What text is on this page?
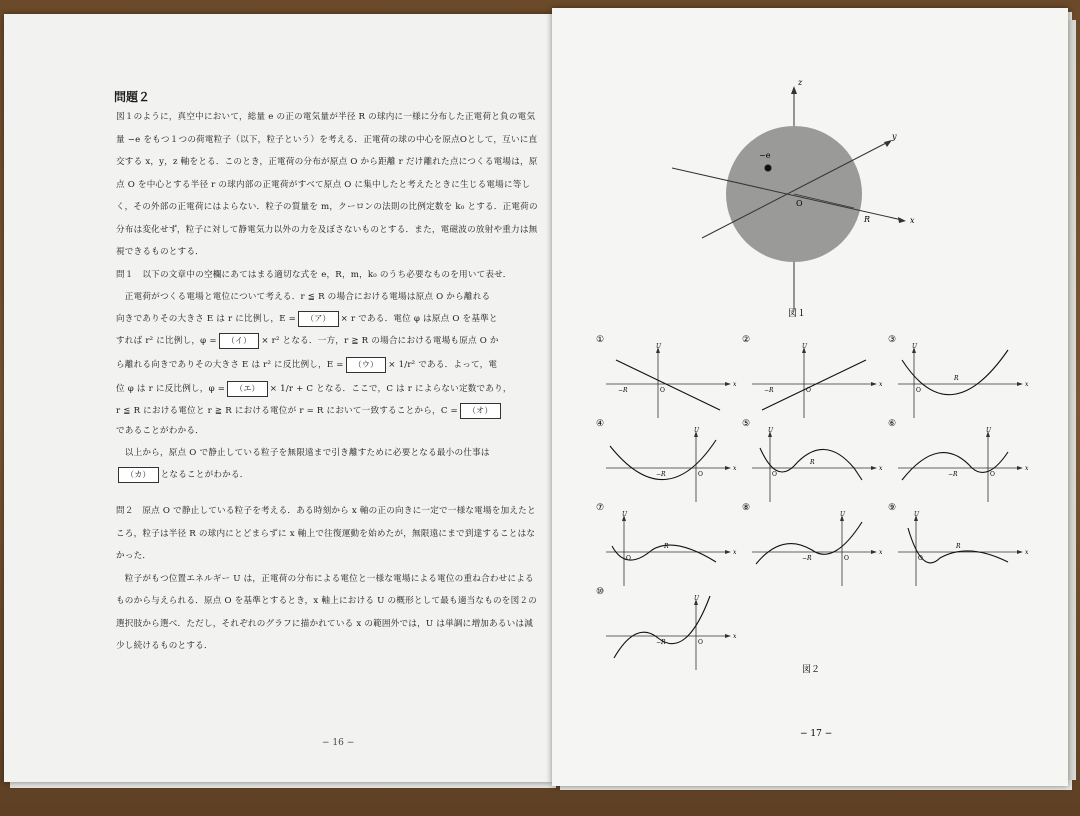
問題２
図１のように，真空中において，総量 e の正の電気量が半径 R の球内に一様に分布した正電荷と負の電気量 −e をもつ１つの荷電粒子（以下，粒子という）を考える．正電荷の球の中心を原点Oとして，互いに直交する x，y，z 軸をとる．このとき，正電荷の分布が原点 O から距離 r だけ離れた点につくる電場は，原点 O を中心とする半径 r の球内部の正電荷がすべて原点 O に集中したと考えたときに生じる電場に等しく，その外部の正電荷にはよらない．粒子の質量を m，クーロンの法則の比例定数を k₀ とする．正電荷の分布は変化せず，粒子に対して静電気力以外の力を及ぼさないものとする．また，電磁波の放射や重力は無視できるものとする．
問１　以下の文章中の空欄にあてはまる適切な式を e，R，m，k₀ のうち必要なものを用いて表せ．
　正電荷がつくる電場と電位について考える．r ≦ R の場合における電場は原点 O から離れる
向きでありその大きさ E は r に比例し，E = （ア） × r である．電位 φ は原点 O を基準と
すれば r² に比例し，φ = （イ） × r² となる．一方，r ≧ R の場合における電場も原点 O か
ら離れる向きでありその大きさ E は r² に反比例し，E = （ウ） × 1/r² である．よって，電
位 φ は r に反比例し，φ = （エ） × 1/r + C となる．ここで，C は r によらない定数であり，
r ≦ R における電位と r ≧ R における電位が r = R において一致することから，C = （オ）
であることがわかる．
　以上から，原点 O で静止している粒子を無限遠まで引き離すために必要となる最小の仕事は
（カ） となることがわかる．
問２　原点 O で静止している粒子を考える．ある時刻から x 軸の正の向きに一定で一様な電場を加えたところ，粒子は半径 R の球内にとどまらずに x 軸上で往復運動を始めたが，無限遠にまで到達することはなかった．
　粒子がもつ位置エネルギー U は，正電荷の分布による電位と一様な電場による電位の重ね合わせによるものから与えられる．原点 O を基準とするとき，x 軸上における U の概形として最も適当なものを図２の選択肢から選べ．ただし，それぞれのグラフに描かれている x の範囲外では，U は単調に増加あるいは減少し続けるものとする．
− 16 −
−e
z
y
x
O
R
図１
①
U
x
O
−R
②
U
x
O
−R
③
U
x
O
R
④
U
x
O
−R
⑤
U
x
O
R
⑥
U
x
O
−R
⑦
U
x
O
R
⑧
U
x
O
−R
⑨
U
x
O
R
⑩
U
x
O
−R
図２
− 17 −
